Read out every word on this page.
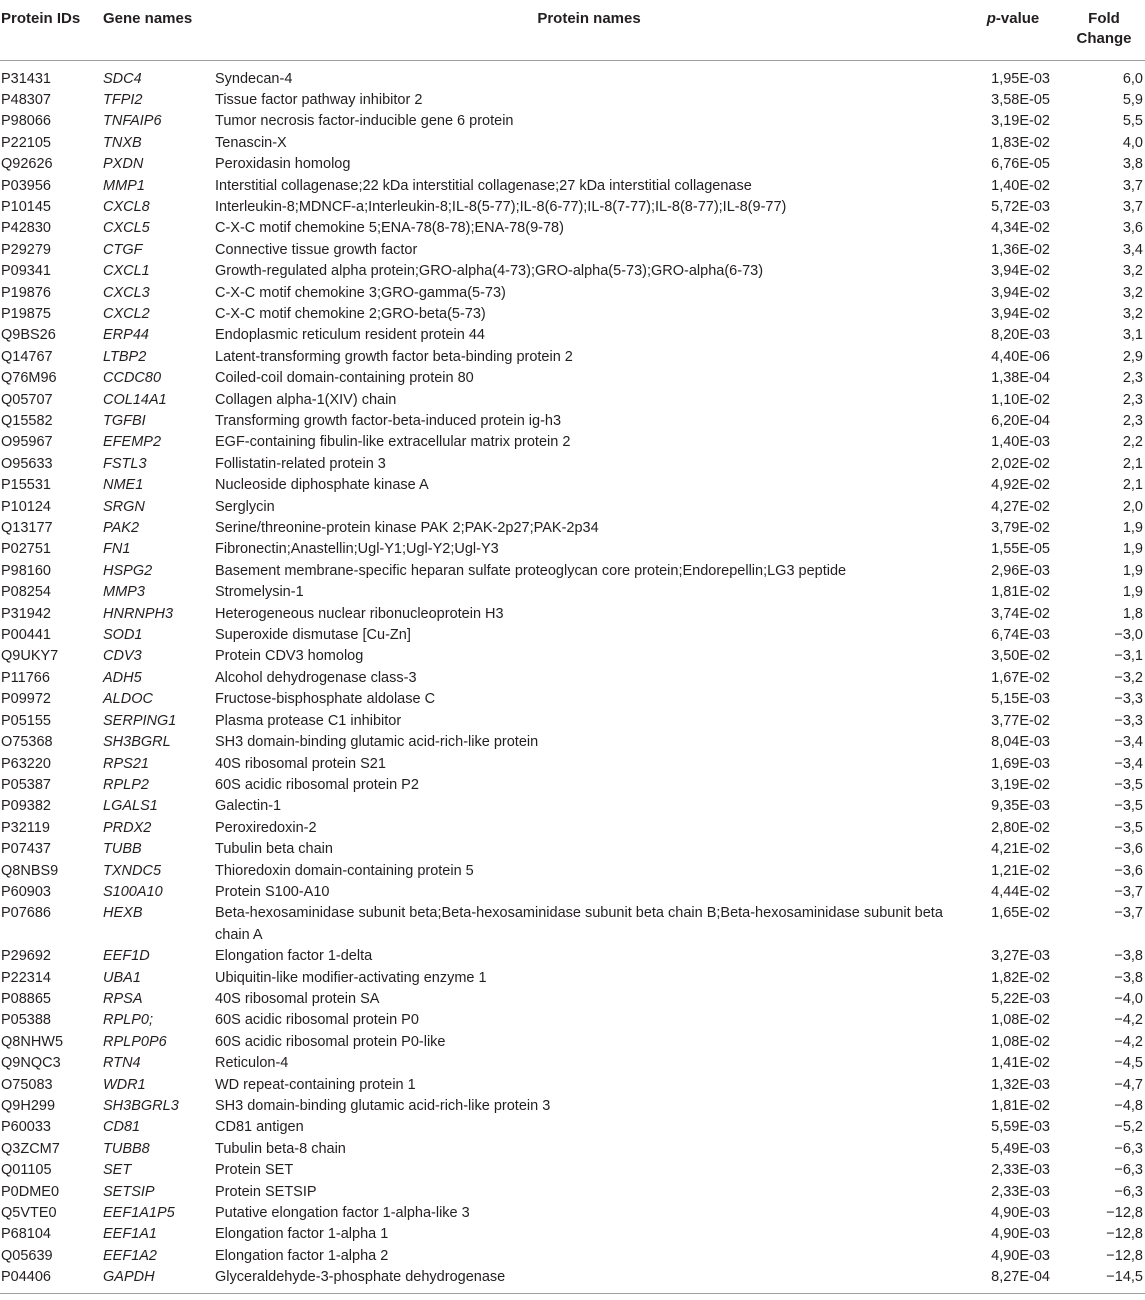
Protein IDs	Gene names	Protein names	p-value	Fold
Change
P31431	SDC4	Syndecan-4	1,95E-03	6,0
P48307	TFPI2	Tissue factor pathway inhibitor 2	3,58E-05	5,9
P98066	TNFAIP6	Tumor necrosis factor-inducible gene 6 protein	3,19E-02	5,5
P22105	TNXB	Tenascin-X	1,83E-02	4,0
Q92626	PXDN	Peroxidasin homolog	6,76E-05	3,8
P03956	MMP1	Interstitial collagenase;22 kDa interstitial collagenase;27 kDa interstitial collagenase	1,40E-02	3,7
P10145	CXCL8	Interleukin-8;MDNCF-a;Interleukin-8;IL-8(5-77);IL-8(6-77);IL-8(7-77);IL-8(8-77);IL-8(9-77)	5,72E-03	3,7
P42830	CXCL5	C-X-C motif chemokine 5;ENA-78(8-78);ENA-78(9-78)	4,34E-02	3,6
P29279	CTGF	Connective tissue growth factor	1,36E-02	3,4
P09341	CXCL1	Growth-regulated alpha protein;GRO-alpha(4-73);GRO-alpha(5-73);GRO-alpha(6-73)	3,94E-02	3,2
P19876	CXCL3	C-X-C motif chemokine 3;GRO-gamma(5-73)	3,94E-02	3,2
P19875	CXCL2	C-X-C motif chemokine 2;GRO-beta(5-73)	3,94E-02	3,2
Q9BS26	ERP44	Endoplasmic reticulum resident protein 44	8,20E-03	3,1
Q14767	LTBP2	Latent-transforming growth factor beta-binding protein 2	4,40E-06	2,9
Q76M96	CCDC80	Coiled-coil domain-containing protein 80	1,38E-04	2,3
Q05707	COL14A1	Collagen alpha-1(XIV) chain	1,10E-02	2,3
Q15582	TGFBI	Transforming growth factor-beta-induced protein ig-h3	6,20E-04	2,3
O95967	EFEMP2	EGF-containing fibulin-like extracellular matrix protein 2	1,40E-03	2,2
O95633	FSTL3	Follistatin-related protein 3	2,02E-02	2,1
P15531	NME1	Nucleoside diphosphate kinase A	4,92E-02	2,1
P10124	SRGN	Serglycin	4,27E-02	2,0
Q13177	PAK2	Serine/threonine-protein kinase PAK 2;PAK-2p27;PAK-2p34	3,79E-02	1,9
P02751	FN1	Fibronectin;Anastellin;Ugl-Y1;Ugl-Y2;Ugl-Y3	1,55E-05	1,9
P98160	HSPG2	Basement membrane-specific heparan sulfate proteoglycan core protein;Endorepellin;LG3 peptide	2,96E-03	1,9
P08254	MMP3	Stromelysin-1	1,81E-02	1,9
P31942	HNRNPH3	Heterogeneous nuclear ribonucleoprotein H3	3,74E-02	1,8
P00441	SOD1	Superoxide dismutase [Cu-Zn]	6,74E-03	−3,0
Q9UKY7	CDV3	Protein CDV3 homolog	3,50E-02	−3,1
P11766	ADH5	Alcohol dehydrogenase class-3	1,67E-02	−3,2
P09972	ALDOC	Fructose-bisphosphate aldolase C	5,15E-03	−3,3
P05155	SERPING1	Plasma protease C1 inhibitor	3,77E-02	−3,3
O75368	SH3BGRL	SH3 domain-binding glutamic acid-rich-like protein	8,04E-03	−3,4
P63220	RPS21	40S ribosomal protein S21	1,69E-03	−3,4
P05387	RPLP2	60S acidic ribosomal protein P2	3,19E-02	−3,5
P09382	LGALS1	Galectin-1	9,35E-03	−3,5
P32119	PRDX2	Peroxiredoxin-2	2,80E-02	−3,5
P07437	TUBB	Tubulin beta chain	4,21E-02	−3,6
Q8NBS9	TXNDC5	Thioredoxin domain-containing protein 5	1,21E-02	−3,6
P60903	S100A10	Protein S100-A10	4,44E-02	−3,7
P07686	HEXB	Beta-hexosaminidase subunit beta;Beta-hexosaminidase subunit beta chain B;Beta-hexosaminidase subunit beta chain A	1,65E-02	−3,7
P29692	EEF1D	Elongation factor 1-delta	3,27E-03	−3,8
P22314	UBA1	Ubiquitin-like modifier-activating enzyme 1	1,82E-02	−3,8
P08865	RPSA	40S ribosomal protein SA	5,22E-03	−4,0
P05388	RPLP0;	60S acidic ribosomal protein P0	1,08E-02	−4,2
Q8NHW5	RPLP0P6	60S acidic ribosomal protein P0-like	1,08E-02	−4,2
Q9NQC3	RTN4	Reticulon-4	1,41E-02	−4,5
O75083	WDR1	WD repeat-containing protein 1	1,32E-03	−4,7
Q9H299	SH3BGRL3	SH3 domain-binding glutamic acid-rich-like protein 3	1,81E-02	−4,8
P60033	CD81	CD81 antigen	5,59E-03	−5,2
Q3ZCM7	TUBB8	Tubulin beta-8 chain	5,49E-03	−6,3
Q01105	SET	Protein SET	2,33E-03	−6,3
P0DME0	SETSIP	Protein SETSIP	2,33E-03	−6,3
Q5VTE0	EEF1A1P5	Putative elongation factor 1-alpha-like 3	4,90E-03	−12,8
P68104	EEF1A1	Elongation factor 1-alpha 1	4,90E-03	−12,8
Q05639	EEF1A2	Elongation factor 1-alpha 2	4,90E-03	−12,8
P04406	GAPDH	Glyceraldehyde-3-phosphate dehydrogenase	8,27E-04	−14,5
